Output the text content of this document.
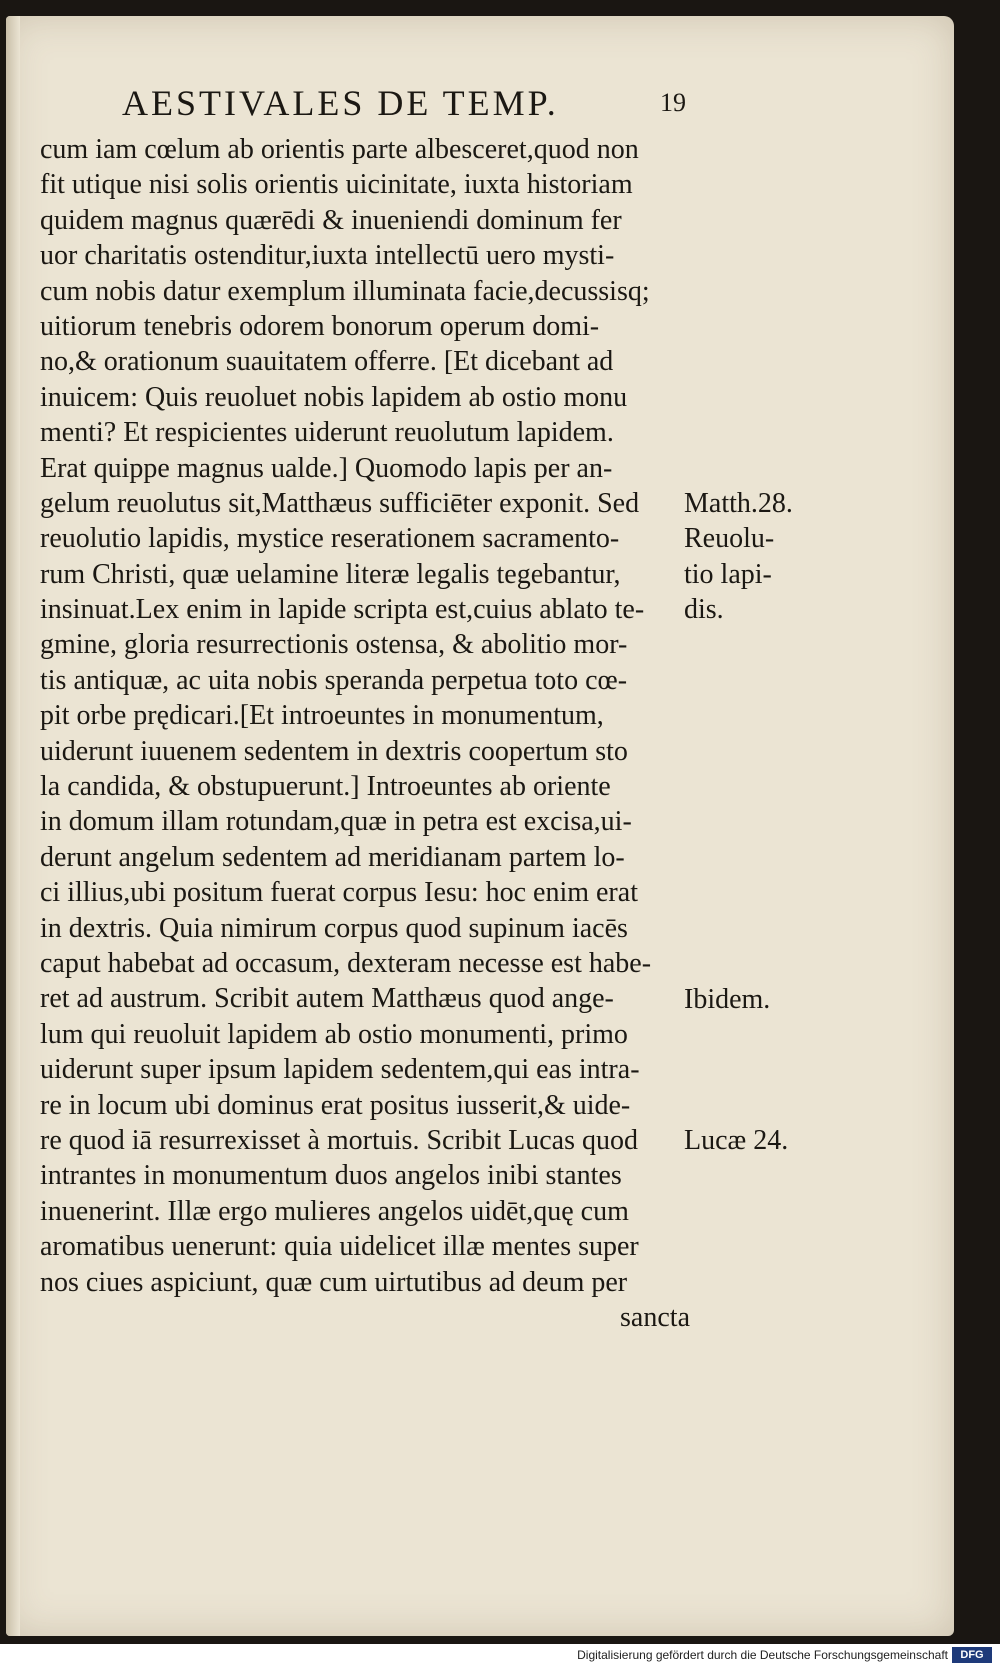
AESTIVALES DE TEMP.	19
cum iam cœlum ab orientis parte albesceret,quod non
fit utique nisi solis orientis uicinitate, iuxta historiam
quidem magnus quærēdi & inueniendi dominum fer
uor charitatis ostenditur,iuxta intellectū uero mysti-
cum nobis datur exemplum illuminata facie,decussisq;
uitiorum tenebris odorem bonorum operum domi-
no,& orationum suauitatem offerre. [Et dicebant ad
inuicem: Quis reuoluet nobis lapidem ab ostio monu
menti? Et respicientes uiderunt reuolutum lapidem.
Erat quippe magnus ualde.] Quomodo lapis per an-
gelum reuolutus sit,Matthæus sufficiēter exponit. Sed
reuolutio lapidis, mystice reserationem sacramento-
rum Christi, quæ uelamine literæ legalis tegebantur,
insinuat.Lex enim in lapide scripta est,cuius ablato te-
gmine, gloria resurrectionis ostensa, & abolitio mor-
tis antiquæ, ac uita nobis speranda perpetua toto cœ-
pit orbe prędicari.[Et introeuntes in monumentum,
uiderunt iuuenem sedentem in dextris coopertum sto
la candida, & obstupuerunt.] Introeuntes ab oriente
in domum illam rotundam,quæ in petra est excisa,ui-
derunt angelum sedentem ad meridianam partem lo-
ci illius,ubi positum fuerat corpus Iesu: hoc enim erat
in dextris. Quia nimirum corpus quod supinum iacēs
caput habebat ad occasum, dexteram necesse est habe-
ret ad austrum. Scribit autem Matthæus quod ange-
lum qui reuoluit lapidem ab ostio monumenti, primo
uiderunt super ipsum lapidem sedentem,qui eas intra-
re in locum ubi dominus erat positus iusserit,& uide-
re quod iā resurrexisset à mortuis. Scribit Lucas quod
intrantes in monumentum duos angelos inibi stantes
inuenerint. Illæ ergo mulieres angelos uidēt,quę cum
aromatibus uenerunt: quia uidelicet illæ mentes super
nos ciues aspiciunt, quæ cum uirtutibus ad deum per
sancta
Matth.28.
Reuolu-
tio lapi-
dis.
Ibidem.
Lucæ 24.
Digitalisierung gefördert durch die Deutsche Forschungsgemeinschaft	DFG
